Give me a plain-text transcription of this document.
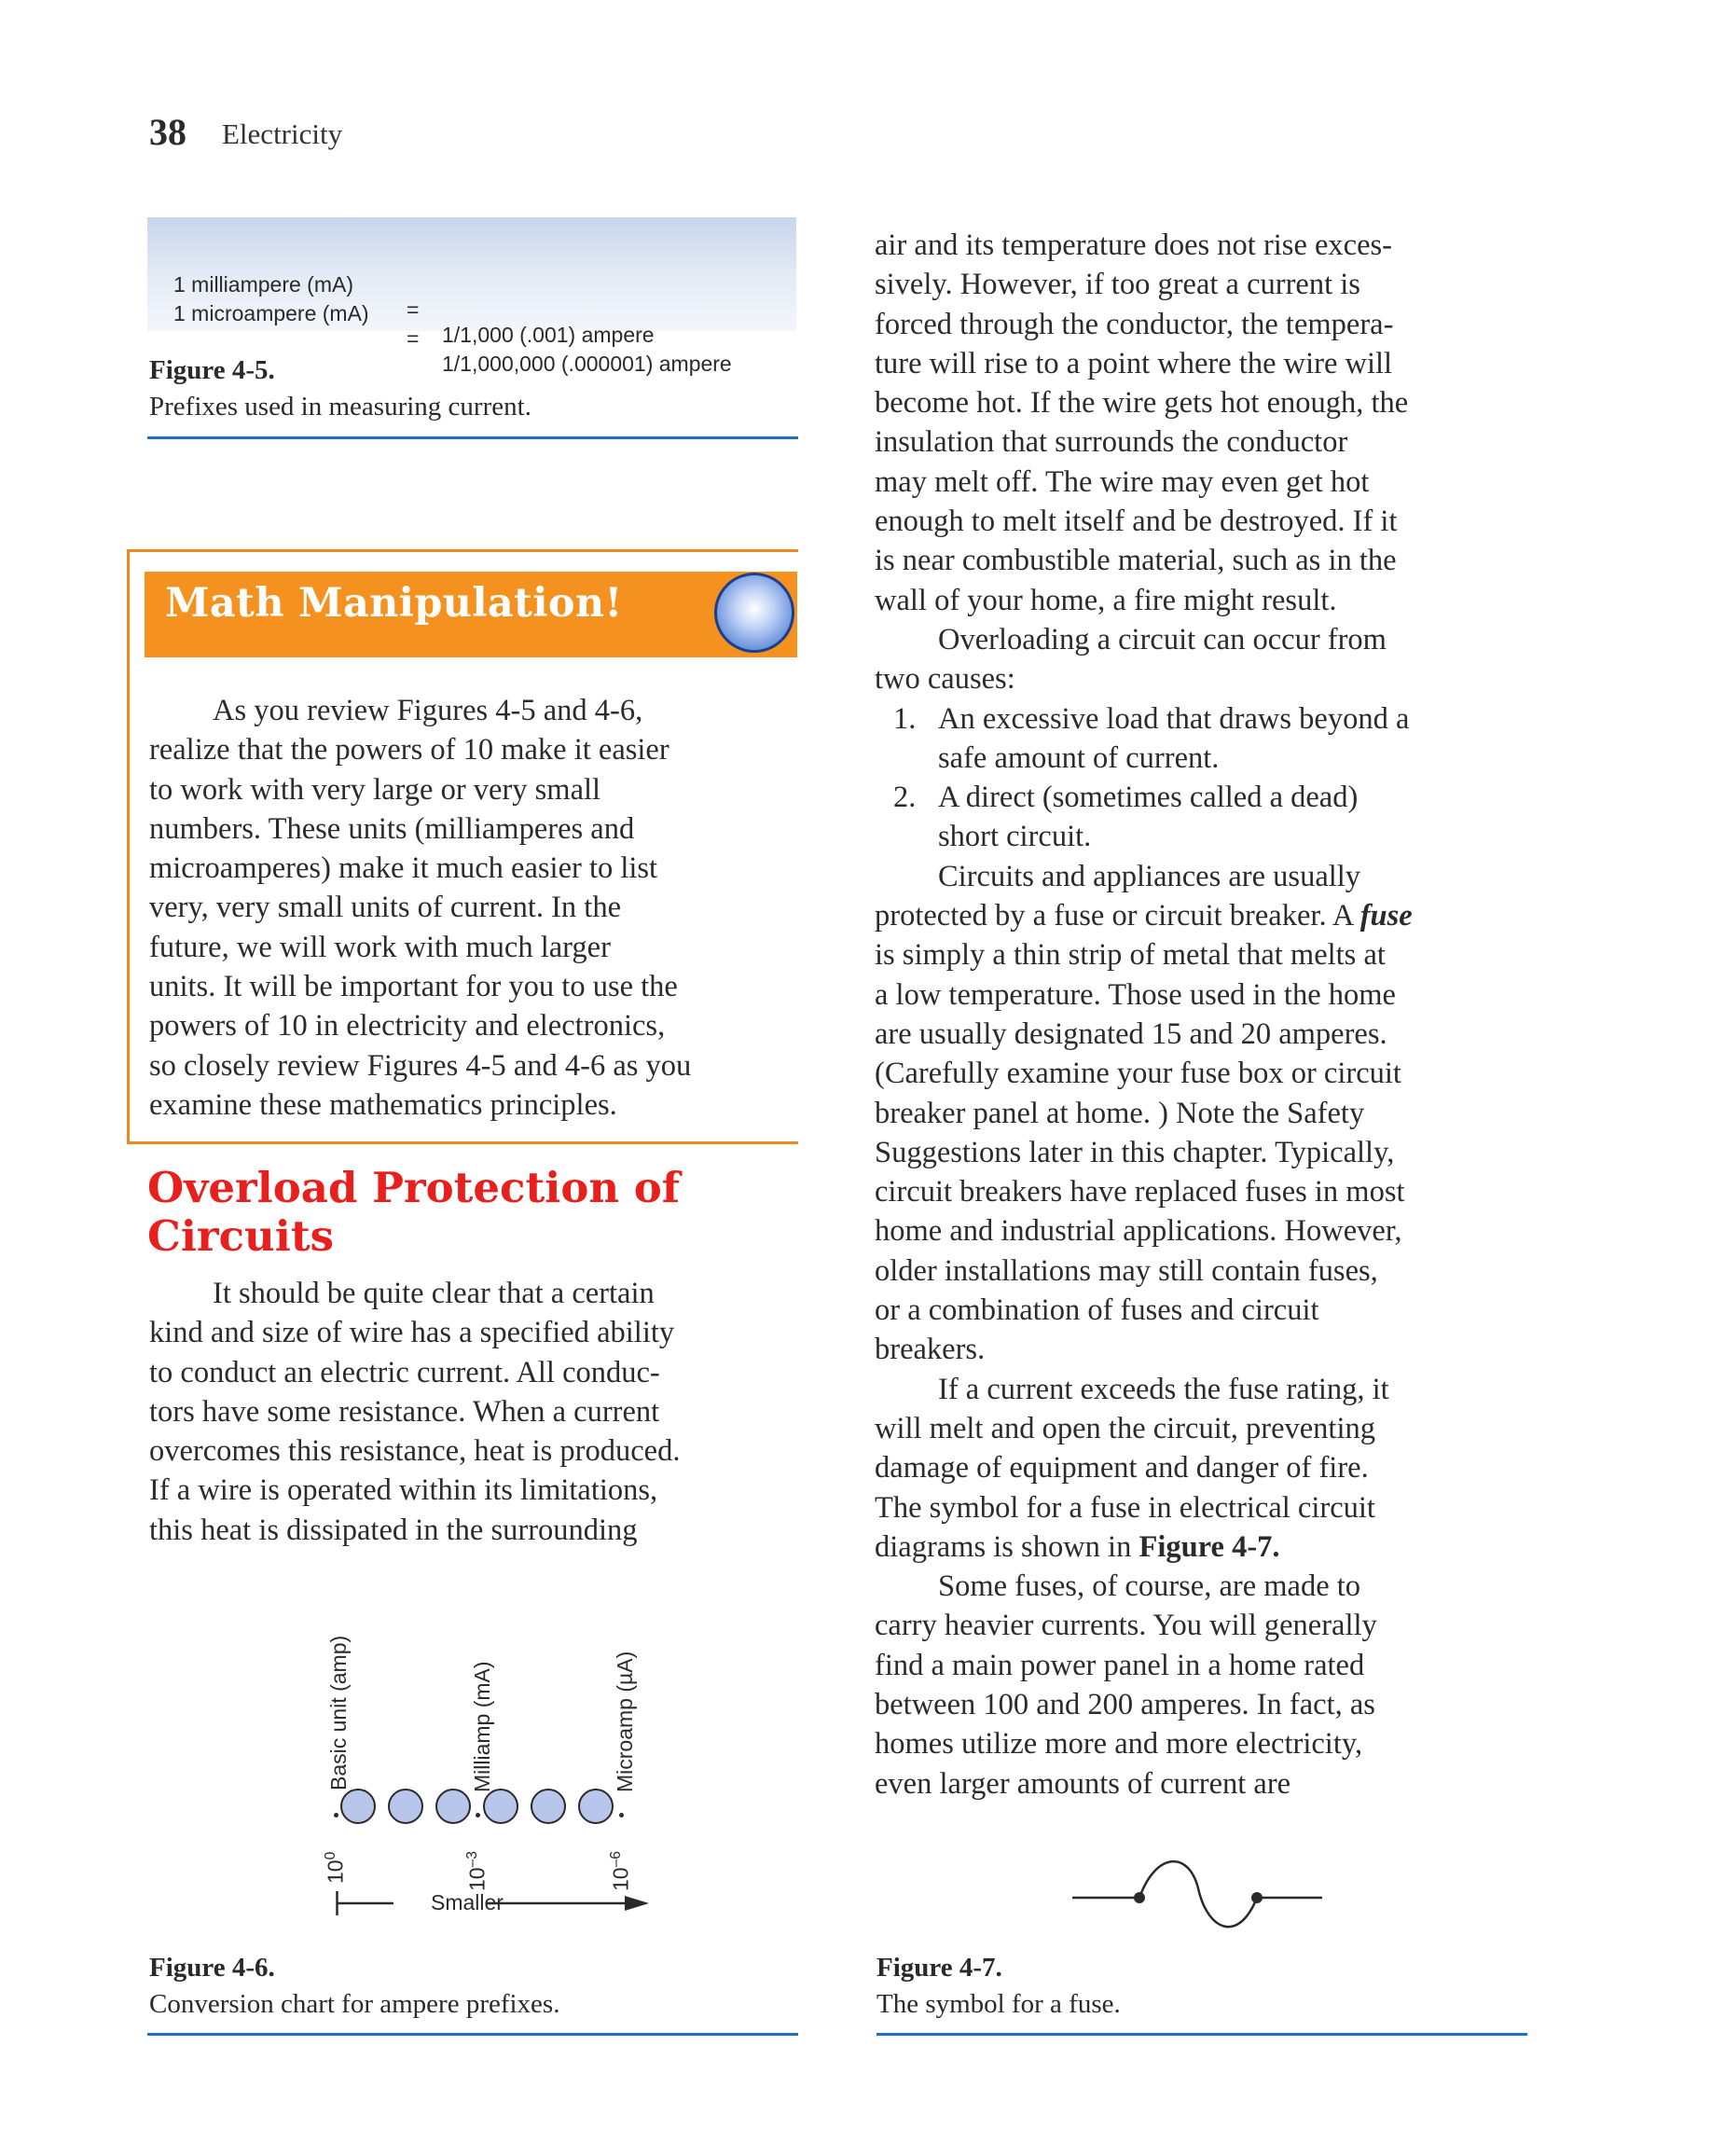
38 Electricity

1 milliampere (mA)

=

1/1,000 (.001) ampere

1 microampere (mA)

=

1/1,000,000 (.000001) ampere

Figure 4-5.
Prefixes used in measuring current.
Math Manipulation!
As you review Figures 4-5 and 4-6,
realize that the powers of 10 make it easier
to work with very large or very small
numbers. These units (milliamperes and
microamperes) make it much easier to list
very, very small units of current. In the
future, we will work with much larger
units. It will be important for you to use the
powers of 10 in electricity and electronics,
so closely review Figures 4-5 and 4-6 as you
examine these mathematics principles.
Overload Protection of
Circuits
It should be quite clear that a certain
kind and size of wire has a specified ability
to conduct an electric current. All conduc-
tors have some resistance. When a current
overcomes this resistance, heat is produced.
If a wire is operated within its limitations,
this heat is dissipated in the surrounding
Basic unit (amp)	Milliamp (mA)	Microamp (µA)
$10^0$
$10^{-3}$
$10^{-6}$
Smaller
Figure 4-6.
Conversion chart for ampere prefixes.
air and its temperature does not rise exces-
sively. However, if too great a current is
forced through the conductor, the tempera-
ture will rise to a point where the wire will
become hot. If the wire gets hot enough, the
insulation that surrounds the conductor
may melt off. The wire may even get hot
enough to melt itself and be destroyed. If it
is near combustible material, such as in the
wall of your home, a fire might result.
Overloading a circuit can occur from
two causes:
1. An excessive load that draws beyond a
safe amount of current.
2. A direct (sometimes called a dead)
short circuit.
Circuits and appliances are usually
protected by a fuse or circuit breaker. A fuse
is simply a thin strip of metal that melts at
a low temperature. Those used in the home
are usually designated 15 and 20 amperes.
(Carefully examine your fuse box or circuit
breaker panel at home. ) Note the Safety
Suggestions later in this chapter. Typically,
circuit breakers have replaced fuses in most
home and industrial applications. However,
older installations may still contain fuses,
or a combination of fuses and circuit
breakers.
If a current exceeds the fuse rating, it
will melt and open the circuit, preventing
damage of equipment and danger of fire.
The symbol for a fuse in electrical circuit
diagrams is shown in Figure 4-7.
Some fuses, of course, are made to
carry heavier currents. You will generally
find a main power panel in a home rated
between 100 and 200 amperes. In fact, as
homes utilize more and more electricity,
even larger amounts of current are
Figure 4-7.
The symbol for a fuse.
